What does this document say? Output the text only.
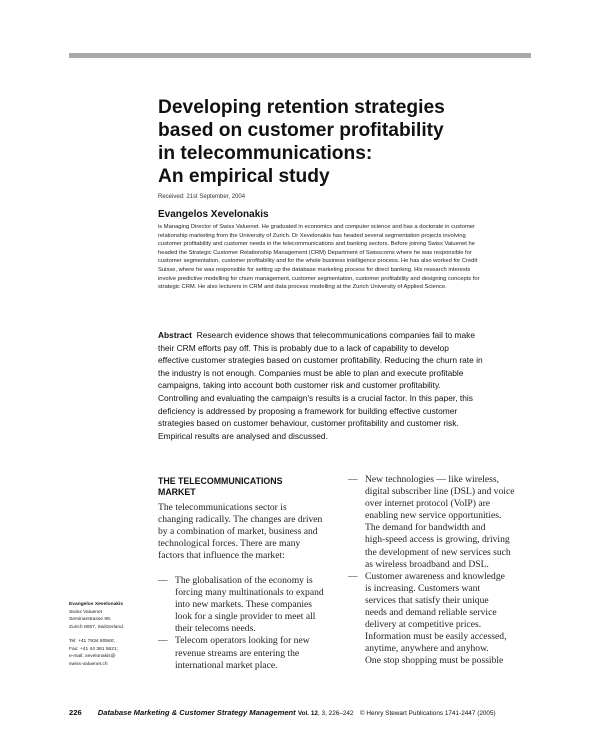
Developing retention strategies
based on customer profitability
in telecommunications:
An empirical study
Received: 21st September, 2004
Evangelos Xevelonakis
is Managing Director of Swiss Valuenet. He graduated in economics and computer science and has a doctorate in customer
relationship marketing from the University of Zurich. Dr Xevelonakis has headed several segmentation projects involving
customer profitability and customer needs in the telecommunications and banking sectors. Before joining Swiss Valuenet he
headed the Strategic Customer Relationship Management (CRM) Department of Swisscoms where he was responsible for
customer segmentation, customer profitability and for the whole business intelligence process. He has also worked for Credit
Suisse, where he was responsible for setting up the database marketing process for direct banking. His research interests
involve predictive modelling for churn management, customer segmentation, customer profitability and designing concepts for
strategic CRM. He also lecturers in CRM and data process modelling at the Zurich University of Applied Science.
Abstract Research evidence shows that telecommunications companies fail to make
their CRM efforts pay off. This is probably due to a lack of capability to develop
effective customer strategies based on customer profitability. Reducing the churn rate in
the industry is not enough. Companies must be able to plan and execute profitable
campaigns, taking into account both customer risk and customer profitability.
Controlling and evaluating the campaign's results is a crucial factor. In this paper, this
deficiency is addressed by proposing a framework for building effective customer
strategies based on customer behaviour, customer profitability and customer risk.
Empirical results are analysed and discussed.
THE TELECOMMUNICATIONS
MARKET
The telecommunications sector is
changing radically. The changes are driven
by a combination of market, business and
technological forces. There are many
factors that influence the market:
— The globalisation of the economy is
forcing many multinationals to expand
into new markets. These companies
look for a single provider to meet all
their telecoms needs.
— Telecom operators looking for new
revenue streams are entering the
international market place.
— New technologies — like wireless,
digital subscriber line (DSL) and voice
over internet protocol (VoIP) are
enabling new service opportunities.
The demand for bandwidth and
high-speed access is growing, driving
the development of new services such
as wireless broadband and DSL.
— Customer awareness and knowledge
is increasing. Customers want
services that satisfy their unique
needs and demand reliable service
delivery at competitive prices.
Information must be easily accessed,
anytime, anywhere and anyhow.
One stop shopping must be possible
Evangelos Xevelonakis
Swiss Valuenet
Seminarstrasse 99,
Zurich 8057, Switzerland.
Tel: +41 7934 80560;
Fax: +41 44 361 5621;
e-mail: xevelonakis@
swiss-valuenet.ch
226 Database Marketing & Customer Strategy Management Vol. 12, 3, 226–242 © Henry Stewart Publications 1741-2447 (2005)
